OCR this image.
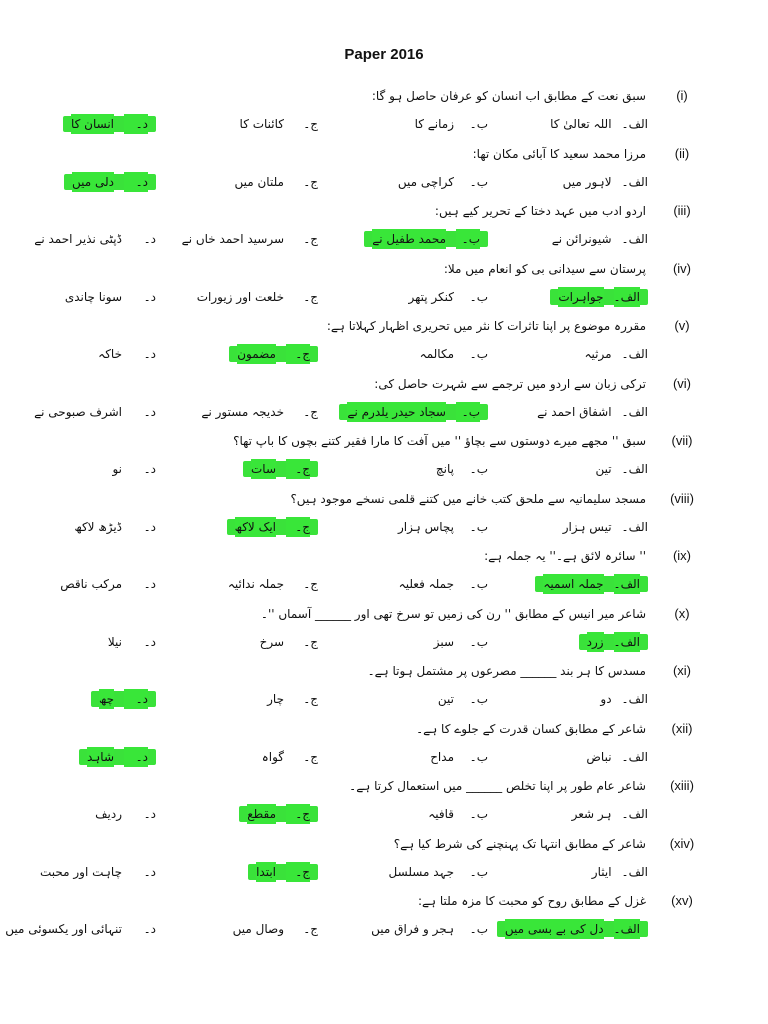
Paper 2016
(i)
سبق نعت کے مطابق اب انسان کو عرفان حاصل ہو گا:
الف۔اللہ تعالیٰ کا
ب۔زمانے کا
ج۔کائنات کا
د۔انسان کا
(ii)
مرزا محمد سعید کا آبائی مکان تھا:
الف۔لاہور میں
ب۔کراچی میں
ج۔ملتان میں
د۔دلی میں
(iii)
اردو ادب میں عہد دختا کے تحریر کیے ہیں:
الف۔شیونرائن نے
ب۔محمد طفیل نے
ج۔سرسید احمد خاں نے
د۔ڈپٹی نذیر احمد نے
(iv)
پرستان سے سیدانی بی کو انعام میں ملا:
الف۔جواہرات
ب۔کنکر پتھر
ج۔خلعت اور زیورات
د۔سونا چاندی
(v)
مقررہ موضوع پر اپنا تاثرات کا نثر میں تحریری اظہار کہلاتا ہے:
الف۔مرثیہ
ب۔مکالمہ
ج۔مضمون
د۔خاکہ
(vi)
ترکی زبان سے اردو میں ترجمے سے شہرت حاصل کی:
الف۔اشفاق احمد نے
ب۔سجاد حیدر یلدرم نے
ج۔خدیجہ مستور نے
د۔اشرف صبوحی نے
(vii)
سبق '' مجھے میرے دوستوں سے بچاؤ '' میں آفت کا مارا فقیر کتنے بچوں کا باپ تھا؟
الف۔تین
ب۔پانچ
ج۔سات
د۔نو
(viii)
مسجد سلیمانیہ سے ملحق کتب خانے میں کتنے قلمی نسخے موجود ہیں؟
الف۔تیس ہزار
ب۔پچاس ہزار
ج۔ایک لاکھ
د۔ڈیڑھ لاکھ
(ix)
'' سائرہ لائق ہے۔'' یہ جملہ ہے:
الف۔جملہ اسمیہ
ب۔جملہ فعلیہ
ج۔جملہ ندائیہ
د۔مرکب ناقص
(x)
شاعر میر انیس کے مطابق '' رن کی زمیں تو سرخ تھی اور ______ آسماں ''۔
الف۔زرد
ب۔سبز
ج۔سرخ
د۔نیلا
(xi)
مسدس کا ہر بند ______ مصرعوں پر مشتمل ہوتا ہے۔
الف۔دو
ب۔تین
ج۔چار
د۔چھ
(xii)
شاعر کے مطابق کسان قدرت کے جلوے کا ہے۔
الف۔نباض
ب۔مداح
ج۔گواہ
د۔شاہد
(xiii)
شاعر عام طور پر اپنا تخلص ______ میں استعمال کرتا ہے۔
الف۔ہر شعر
ب۔قافیہ
ج۔مقطع
د۔ردیف
(xiv)
شاعر کے مطابق انتہا تک پہنچنے کی شرط کیا ہے؟
الف۔ایثار
ب۔جہد مسلسل
ج۔ابتدا
د۔چاہت اور محبت
(xv)
غزل کے مطابق روح کو محبت کا مزہ ملتا ہے:
الف۔دل کی بے بسی میں
ب۔ہجر و فراق میں
ج۔وصال میں
د۔تنہائی اور یکسوئی میں
